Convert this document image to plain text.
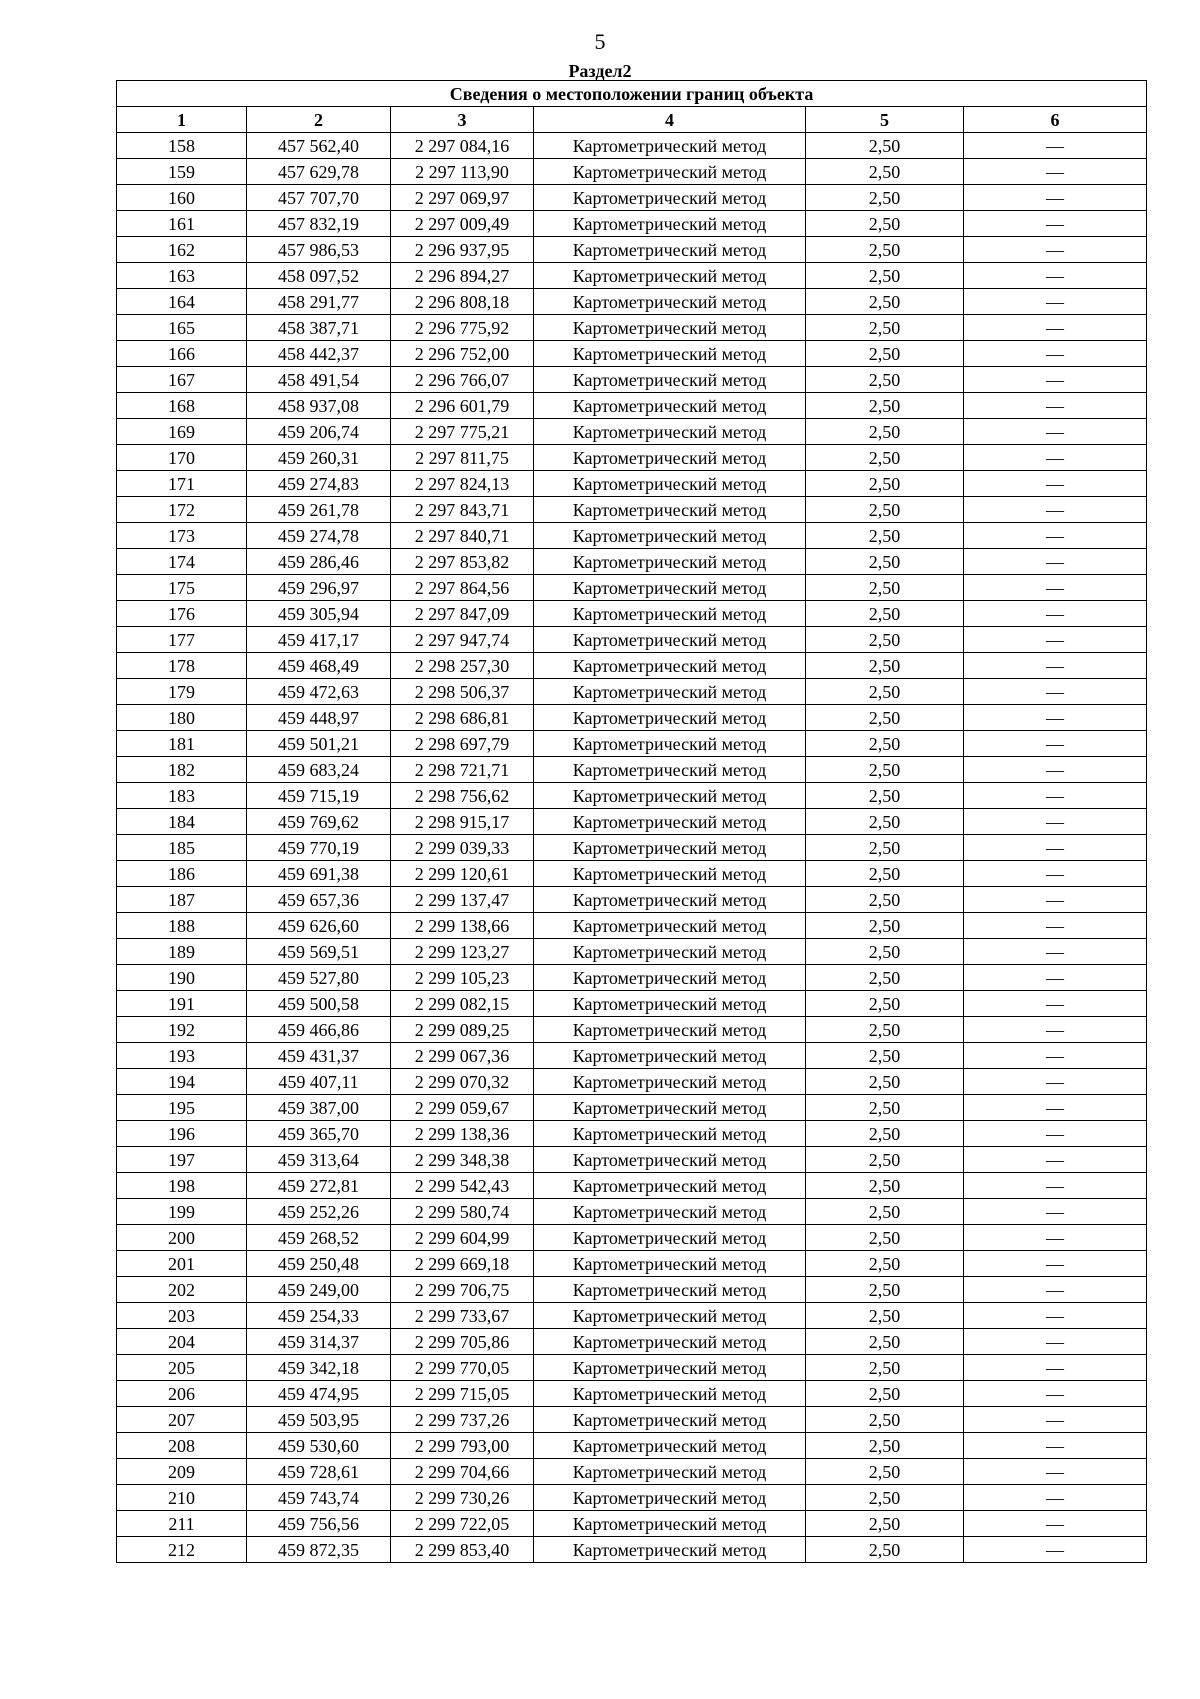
5
Раздел2
Сведения о местоположении границ объекта					
1	2	3	4	5	6
158	457 562,40	2 297 084,16	Картометрический метод	2,50	—
159	457 629,78	2 297 113,90	Картометрический метод	2,50	—
160	457 707,70	2 297 069,97	Картометрический метод	2,50	—
161	457 832,19	2 297 009,49	Картометрический метод	2,50	—
162	457 986,53	2 296 937,95	Картометрический метод	2,50	—
163	458 097,52	2 296 894,27	Картометрический метод	2,50	—
164	458 291,77	2 296 808,18	Картометрический метод	2,50	—
165	458 387,71	2 296 775,92	Картометрический метод	2,50	—
166	458 442,37	2 296 752,00	Картометрический метод	2,50	—
167	458 491,54	2 296 766,07	Картометрический метод	2,50	—
168	458 937,08	2 296 601,79	Картометрический метод	2,50	—
169	459 206,74	2 297 775,21	Картометрический метод	2,50	—
170	459 260,31	2 297 811,75	Картометрический метод	2,50	—
171	459 274,83	2 297 824,13	Картометрический метод	2,50	—
172	459 261,78	2 297 843,71	Картометрический метод	2,50	—
173	459 274,78	2 297 840,71	Картометрический метод	2,50	—
174	459 286,46	2 297 853,82	Картометрический метод	2,50	—
175	459 296,97	2 297 864,56	Картометрический метод	2,50	—
176	459 305,94	2 297 847,09	Картометрический метод	2,50	—
177	459 417,17	2 297 947,74	Картометрический метод	2,50	—
178	459 468,49	2 298 257,30	Картометрический метод	2,50	—
179	459 472,63	2 298 506,37	Картометрический метод	2,50	—
180	459 448,97	2 298 686,81	Картометрический метод	2,50	—
181	459 501,21	2 298 697,79	Картометрический метод	2,50	—
182	459 683,24	2 298 721,71	Картометрический метод	2,50	—
183	459 715,19	2 298 756,62	Картометрический метод	2,50	—
184	459 769,62	2 298 915,17	Картометрический метод	2,50	—
185	459 770,19	2 299 039,33	Картометрический метод	2,50	—
186	459 691,38	2 299 120,61	Картометрический метод	2,50	—
187	459 657,36	2 299 137,47	Картометрический метод	2,50	—
188	459 626,60	2 299 138,66	Картометрический метод	2,50	—
189	459 569,51	2 299 123,27	Картометрический метод	2,50	—
190	459 527,80	2 299 105,23	Картометрический метод	2,50	—
191	459 500,58	2 299 082,15	Картометрический метод	2,50	—
192	459 466,86	2 299 089,25	Картометрический метод	2,50	—
193	459 431,37	2 299 067,36	Картометрический метод	2,50	—
194	459 407,11	2 299 070,32	Картометрический метод	2,50	—
195	459 387,00	2 299 059,67	Картометрический метод	2,50	—
196	459 365,70	2 299 138,36	Картометрический метод	2,50	—
197	459 313,64	2 299 348,38	Картометрический метод	2,50	—
198	459 272,81	2 299 542,43	Картометрический метод	2,50	—
199	459 252,26	2 299 580,74	Картометрический метод	2,50	—
200	459 268,52	2 299 604,99	Картометрический метод	2,50	—
201	459 250,48	2 299 669,18	Картометрический метод	2,50	—
202	459 249,00	2 299 706,75	Картометрический метод	2,50	—
203	459 254,33	2 299 733,67	Картометрический метод	2,50	—
204	459 314,37	2 299 705,86	Картометрический метод	2,50	—
205	459 342,18	2 299 770,05	Картометрический метод	2,50	—
206	459 474,95	2 299 715,05	Картометрический метод	2,50	—
207	459 503,95	2 299 737,26	Картометрический метод	2,50	—
208	459 530,60	2 299 793,00	Картометрический метод	2,50	—
209	459 728,61	2 299 704,66	Картометрический метод	2,50	—
210	459 743,74	2 299 730,26	Картометрический метод	2,50	—
211	459 756,56	2 299 722,05	Картометрический метод	2,50	—
212	459 872,35	2 299 853,40	Картометрический метод	2,50	—
